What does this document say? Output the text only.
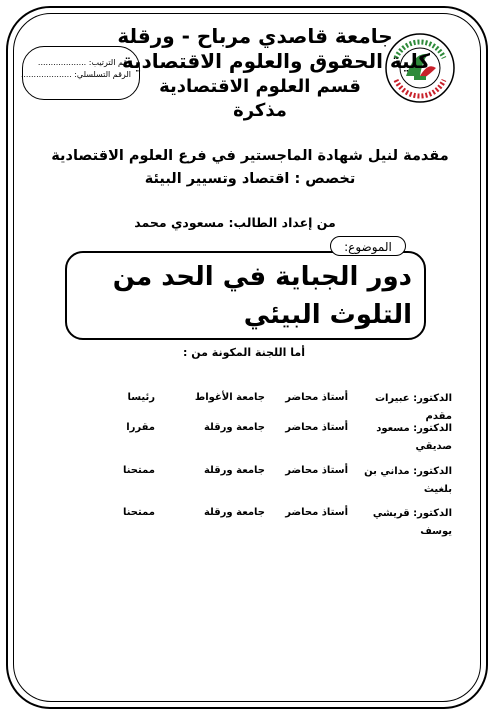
رقم الترتيب: ...................
الرقم التسلسلي: ....................
جامعة قاصدي مرباح - ورقلة
كلية الحقوق والعلوم الاقتصادية
قسم العلوم الاقتصادية
مذكرة
مقدمة لنيل شهادة الماجستير في فرع العلوم الاقتصادية
تخصص : اقتصاد وتسيير البيئة
من إعداد الطالب: مسعودي محمد
دور الجباية في الحد من التلوث البيئي
الموضوع:
أما اللجنة المكونة من :
الدكتور: عبيرات مقدم
أستاذ محاضر
جامعة الأغواط
رئيسا
الدكتور: مسعود صديقي
أستاذ محاضر
جامعة ورقلة
مقررا
الدكتور: مداني بن بلغيث
أستاذ محاضر
جامعة ورقلة
ممتحنا
الدكتور: قريشي يوسف
أستاذ محاضر
جامعة ورقلة
ممتحنا
